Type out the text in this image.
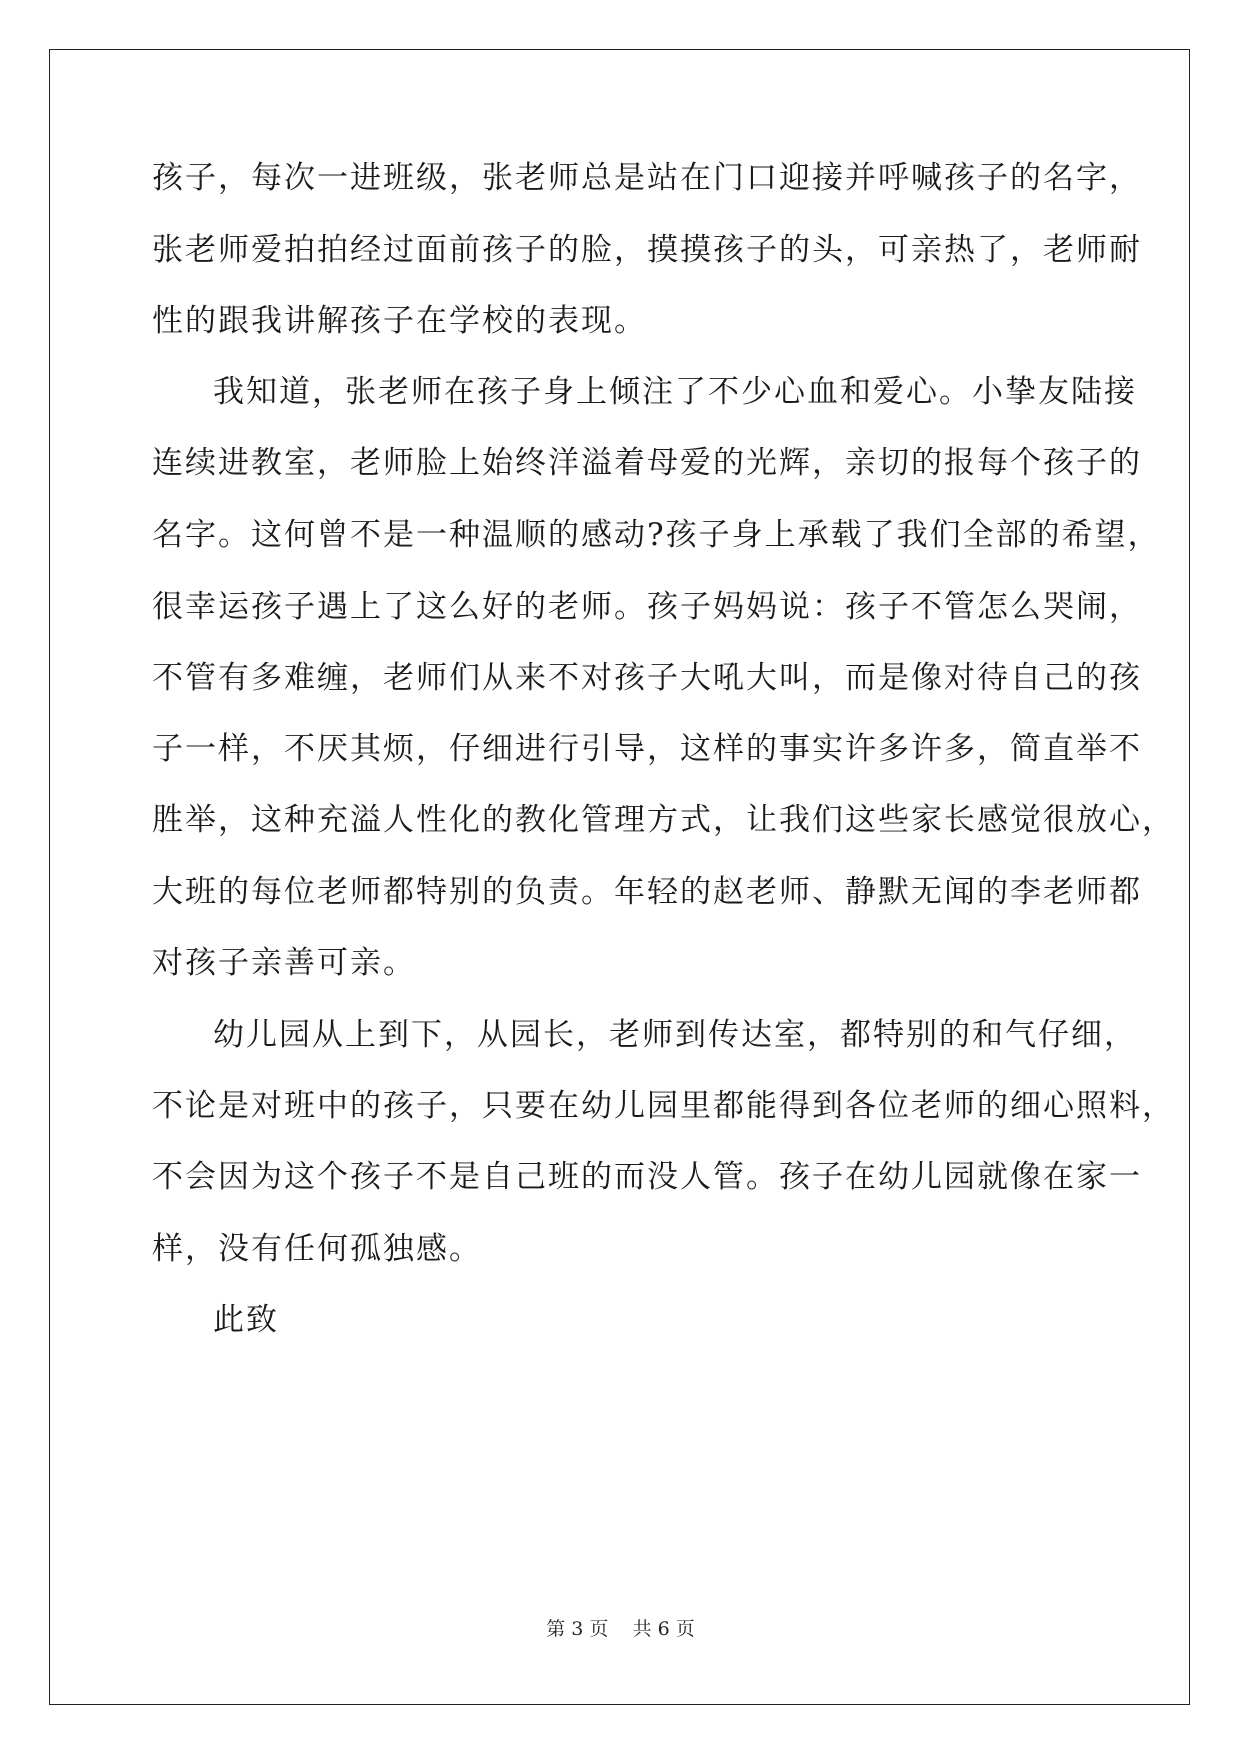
孩子，每次一进班级，张老师总是站在门口迎接并呼喊孩子的名字，
张老师爱拍拍经过面前孩子的脸，摸摸孩子的头，可亲热了，老师耐
性的跟我讲解孩子在学校的表现。
我知道，张老师在孩子身上倾注了不少心血和爱心。小挚友陆接
连续进教室，老师脸上始终洋溢着母爱的光辉，亲切的报每个孩子的
名字。这何曾不是一种温顺的感动?孩子身上承载了我们全部的希望，
很幸运孩子遇上了这么好的老师。孩子妈妈说：孩子不管怎么哭闹，
不管有多难缠，老师们从来不对孩子大吼大叫，而是像对待自己的孩
子一样，不厌其烦，仔细进行引导，这样的事实许多许多，简直举不
胜举，这种充溢人性化的教化管理方式，让我们这些家长感觉很放心，
大班的每位老师都特别的负责。年轻的赵老师、静默无闻的李老师都
对孩子亲善可亲。
幼儿园从上到下，从园长，老师到传达室，都特别的和气仔细，
不论是对班中的孩子，只要在幼儿园里都能得到各位老师的细心照料，
不会因为这个孩子不是自己班的而没人管。孩子在幼儿园就像在家一
样，没有任何孤独感。
此致
第 3 页    共 6 页
